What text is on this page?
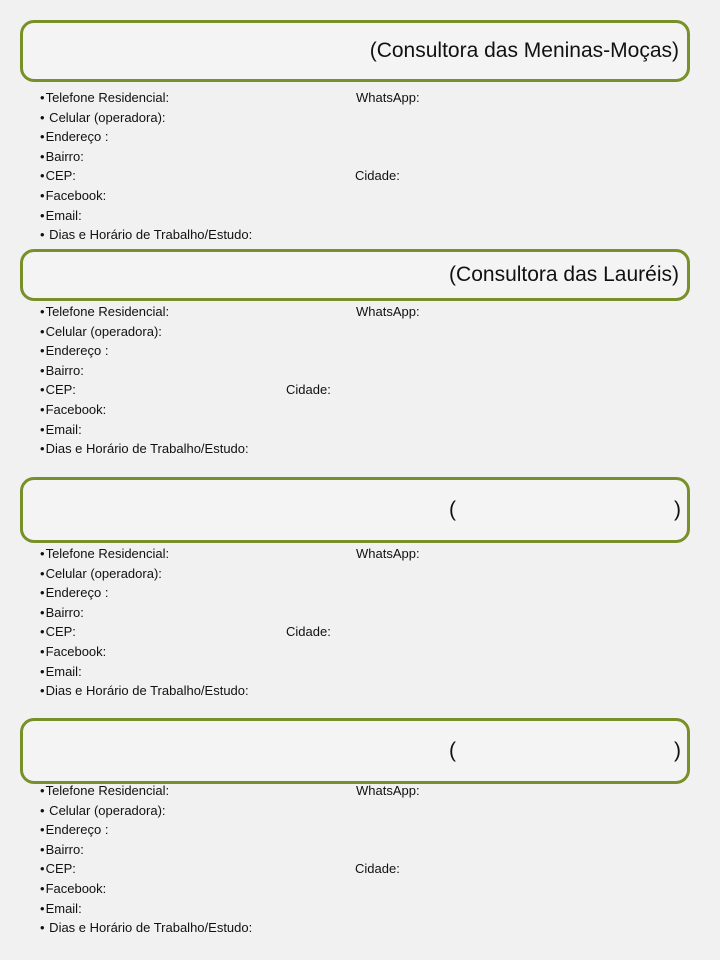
(Consultora das Meninas-Moças)
•Telefone Residencial:	WhatsApp:
• Celular (operadora):
•Endereço :
•Bairro:
•CEP:	Cidade:
•Facebook:
•Email:
• Dias e Horário de Trabalho/Estudo:
(Consultora das Lauréis)
•Telefone Residencial:	WhatsApp:
•Celular (operadora):
•Endereço :
•Bairro:
•CEP:	Cidade:
•Facebook:
•Email:
•Dias e Horário de Trabalho/Estudo:
(	)
•Telefone Residencial:	WhatsApp:
•Celular (operadora):
•Endereço :
•Bairro:
•CEP:	Cidade:
•Facebook:
•Email:
•Dias e Horário de Trabalho/Estudo:
(	)
•Telefone Residencial:	WhatsApp:
• Celular (operadora):
•Endereço :
•Bairro:
•CEP:	Cidade:
•Facebook:
•Email:
• Dias e Horário de Trabalho/Estudo:
